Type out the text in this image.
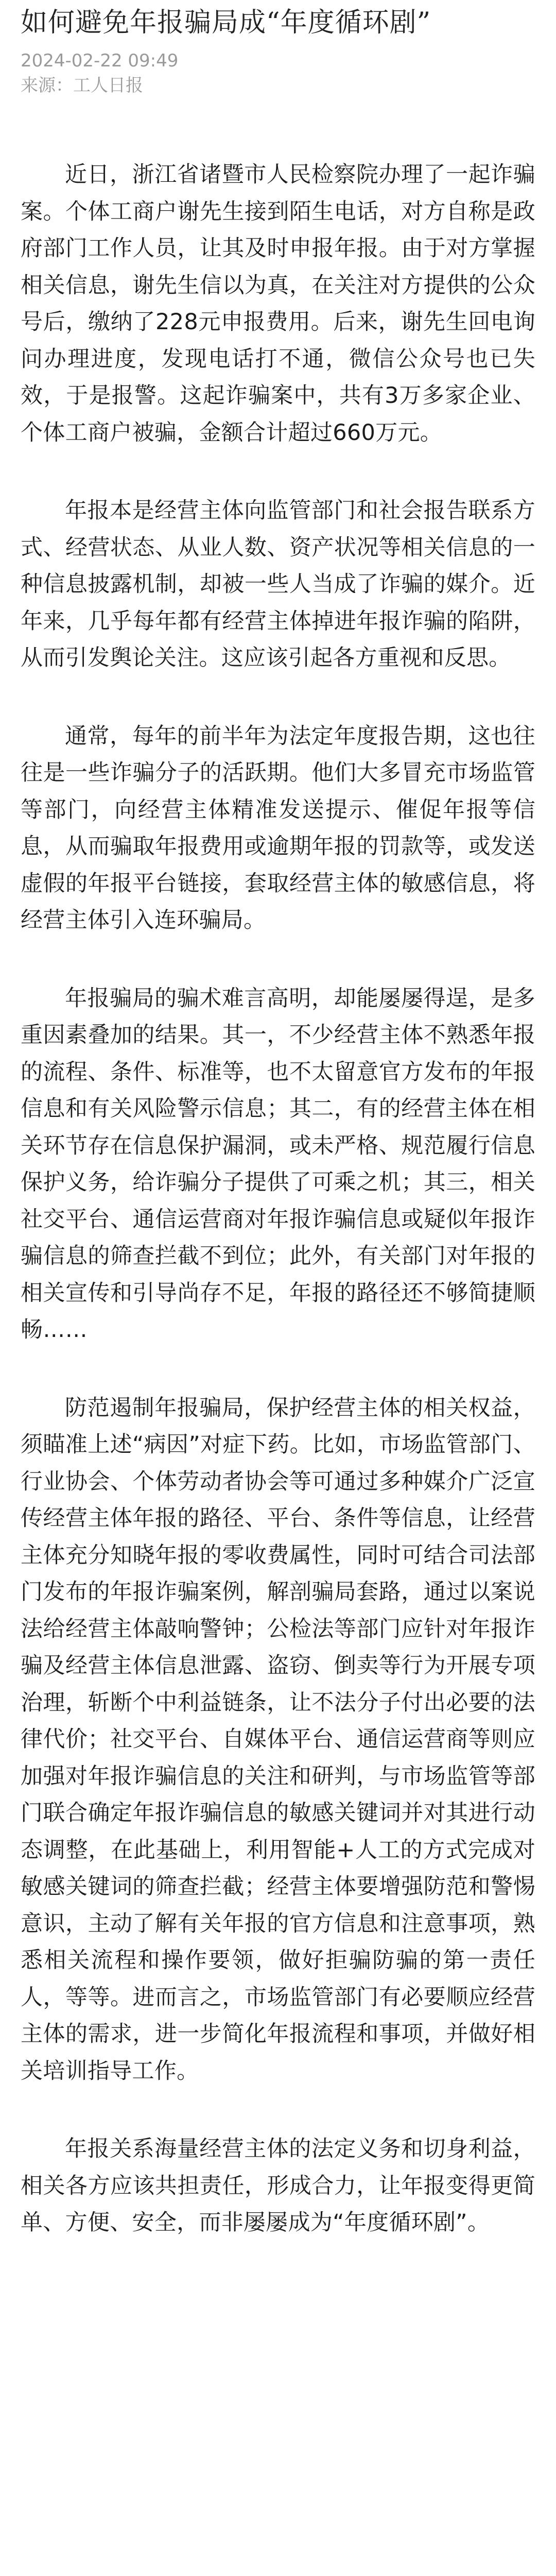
如何避免年报骗局成“年度循环剧”
2024-02-22 09:49
来源：工人日报

近日，浙江省诸暨市人民检察院办理了一起诈骗案。个体工商户谢先生接到陌生电话，对方自称是政府部门工作人员，让其及时申报年报。由于对方掌握相关信息，谢先生信以为真，在关注对方提供的公众号后，缴纳了228元申报费用。后来，谢先生回电询问办理进度，发现电话打不通，微信公众号也已失效，于是报警。这起诈骗案中，共有3万多家企业、个体工商户被骗，金额合计超过660万元。

年报本是经营主体向监管部门和社会报告联系方式、经营状态、从业人数、资产状况等相关信息的一种信息披露机制，却被一些人当成了诈骗的媒介。近年来，几乎每年都有经营主体掉进年报诈骗的陷阱，从而引发舆论关注。这应该引起各方重视和反思。

通常，每年的前半年为法定年度报告期，这也往往是一些诈骗分子的活跃期。他们大多冒充市场监管等部门，向经营主体精准发送提示、催促年报等信息，从而骗取年报费用或逾期年报的罚款等，或发送虚假的年报平台链接，套取经营主体的敏感信息，将经营主体引入连环骗局。

年报骗局的骗术难言高明，却能屡屡得逞，是多重因素叠加的结果。其一，不少经营主体不熟悉年报的流程、条件、标准等，也不太留意官方发布的年报信息和有关风险警示信息；其二，有的经营主体在相关环节存在信息保护漏洞，或未严格、规范履行信息保护义务，给诈骗分子提供了可乘之机；其三，相关社交平台、通信运营商对年报诈骗信息或疑似年报诈骗信息的筛查拦截不到位；此外，有关部门对年报的相关宣传和引导尚存不足，年报的路径还不够简捷顺畅……

防范遏制年报骗局，保护经营主体的相关权益，须瞄准上述“病因”对症下药。比如，市场监管部门、行业协会、个体劳动者协会等可通过多种媒介广泛宣传经营主体年报的路径、平台、条件等信息，让经营主体充分知晓年报的零收费属性，同时可结合司法部门发布的年报诈骗案例，解剖骗局套路，通过以案说法给经营主体敲响警钟；公检法等部门应针对年报诈骗及经营主体信息泄露、盗窃、倒卖等行为开展专项治理，斩断个中利益链条，让不法分子付出必要的法律代价；社交平台、自媒体平台、通信运营商等则应加强对年报诈骗信息的关注和研判，与市场监管等部门联合确定年报诈骗信息的敏感关键词并对其进行动态调整，在此基础上，利用智能+人工的方式完成对敏感关键词的筛查拦截；经营主体要增强防范和警惕意识，主动了解有关年报的官方信息和注意事项，熟悉相关流程和操作要领，做好拒骗防骗的第一责任人，等等。进而言之，市场监管部门有必要顺应经营主体的需求，进一步简化年报流程和事项，并做好相关培训指导工作。

年报关系海量经营主体的法定义务和切身利益，相关各方应该共担责任，形成合力，让年报变得更简单、方便、安全，而非屡屡成为“年度循环剧”。
